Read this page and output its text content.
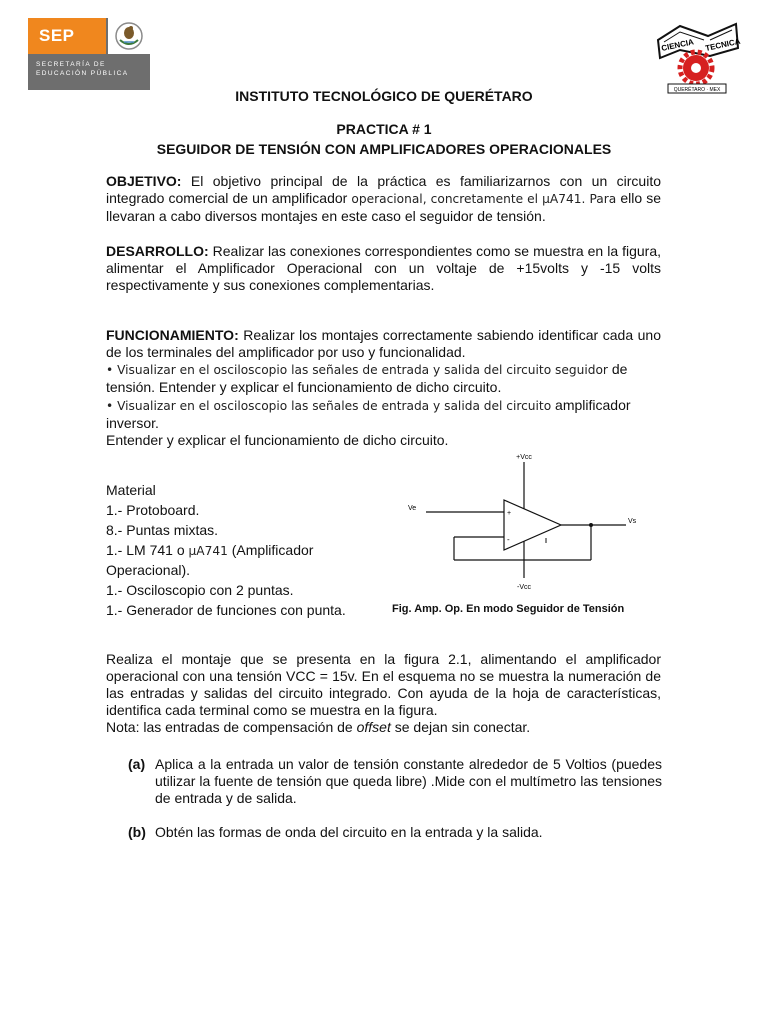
SEP
SECRETARÍA DE
EDUCACIÓN PÚBLICA
CIENCIA TECNICA
QUERÉTARO · MEX
INSTITUTO TECNOLÓGICO DE QUERÉTARO
PRACTICA # 1
SEGUIDOR DE TENSIÓN CON AMPLIFICADORES OPERACIONALES
OBJETIVO: El objetivo principal de la práctica es familiarizarnos con un circuito integrado comercial de un amplificador operacional, concretamente el μA741. Para ello se llevaran a cabo diversos montajes en este caso el seguidor de tensión.
DESARROLLO: Realizar las conexiones correspondientes como se muestra en la figura, alimentar el Amplificador Operacional con un voltaje de +15volts y -15 volts respectivamente y sus conexiones complementarias.
FUNCIONAMIENTO: Realizar los montajes correctamente sabiendo identificar cada uno de los terminales del amplificador por uso y funcionalidad.
• Visualizar en el osciloscopio las señales de entrada y salida del circuito seguidor de tensión. Entender y explicar el funcionamiento de dicho circuito.
• Visualizar en el osciloscopio las señales de entrada y salida del circuito amplificador inversor.
Entender y explicar el funcionamiento de dicho circuito.
Material
1.- Protoboard.
8.- Puntas mixtas.
1.- LM 741 o μA741 (Amplificador
Operacional).
1.- Osciloscopio con 2 puntas.
1.- Generador de funciones con punta.
+Vcc
-Vcc
Ve
+
-
Vs
Fig. Amp. Op. En modo Seguidor de Tensión
Realiza el montaje que se presenta en la figura 2.1, alimentando el amplificador operacional con una tensión VCC = 15v. En el esquema no se muestra la numeración de las entradas y salidas del circuito integrado. Con ayuda de la hoja de características, identifica cada terminal como se muestra en la figura.
Nota: las entradas de compensación de offset se dejan sin conectar.
(a) Aplica a la entrada un valor de tensión constante alrededor de 5 Voltios (puedes utilizar la fuente de tensión que queda libre) .Mide con el multímetro las tensiones de entrada y de salida.
(b) Obtén las formas de onda del circuito en la entrada y la salida.
